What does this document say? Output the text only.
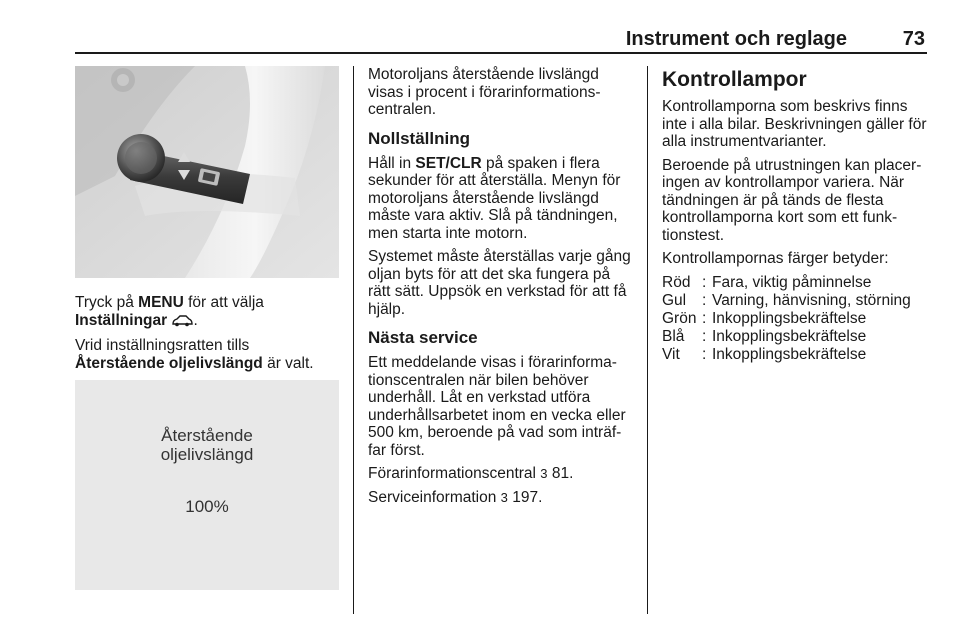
Instrument och reglage	73

Tryck på MENU för att välja
Inställningar .

Vrid inställningsratten tills
Återstående oljelivslängd är valt.

Återstående
oljelivslängd
100%

Motoroljans återstående livslängd visas i procent i förarinformations-centralen.

Nollställning

Håll in SET/CLR på spaken i flera sekunder för att återställa. Menyn för motoroljans återstående livslängd måste vara aktiv. Slå på tändningen, men starta inte motorn.

Systemet måste återställas varje gång oljan byts för att det ska fungera på rätt sätt. Uppsök en verkstad för att få hjälp.

Nästa service

Ett meddelande visas i förarinforma-tionscentralen när bilen behöver underhåll. Låt en verkstad utföra underhållsarbetet inom en vecka eller 500 km, beroende på vad som inträf-far först.

Förarinformationscentral 3 81.

Serviceinformation 3 197.

Kontrollampor

Kontrollamporna som beskrivs finns inte i alla bilar. Beskrivningen gäller för alla instrumentvarianter.

Beroende på utrustningen kan placer-ingen av kontrollampor variera. När tändningen är på tänds de flesta kontrollamporna kort som ett funk-tionstest.

Kontrollampornas färger betyder:

Röd	:	Fara, viktig påminnelse
Gul	:	Varning, hänvisning, störning
Grön	:	Inkopplingsbekräftelse
Blå	:	Inkopplingsbekräftelse
Vit	:	Inkopplingsbekräftelse
